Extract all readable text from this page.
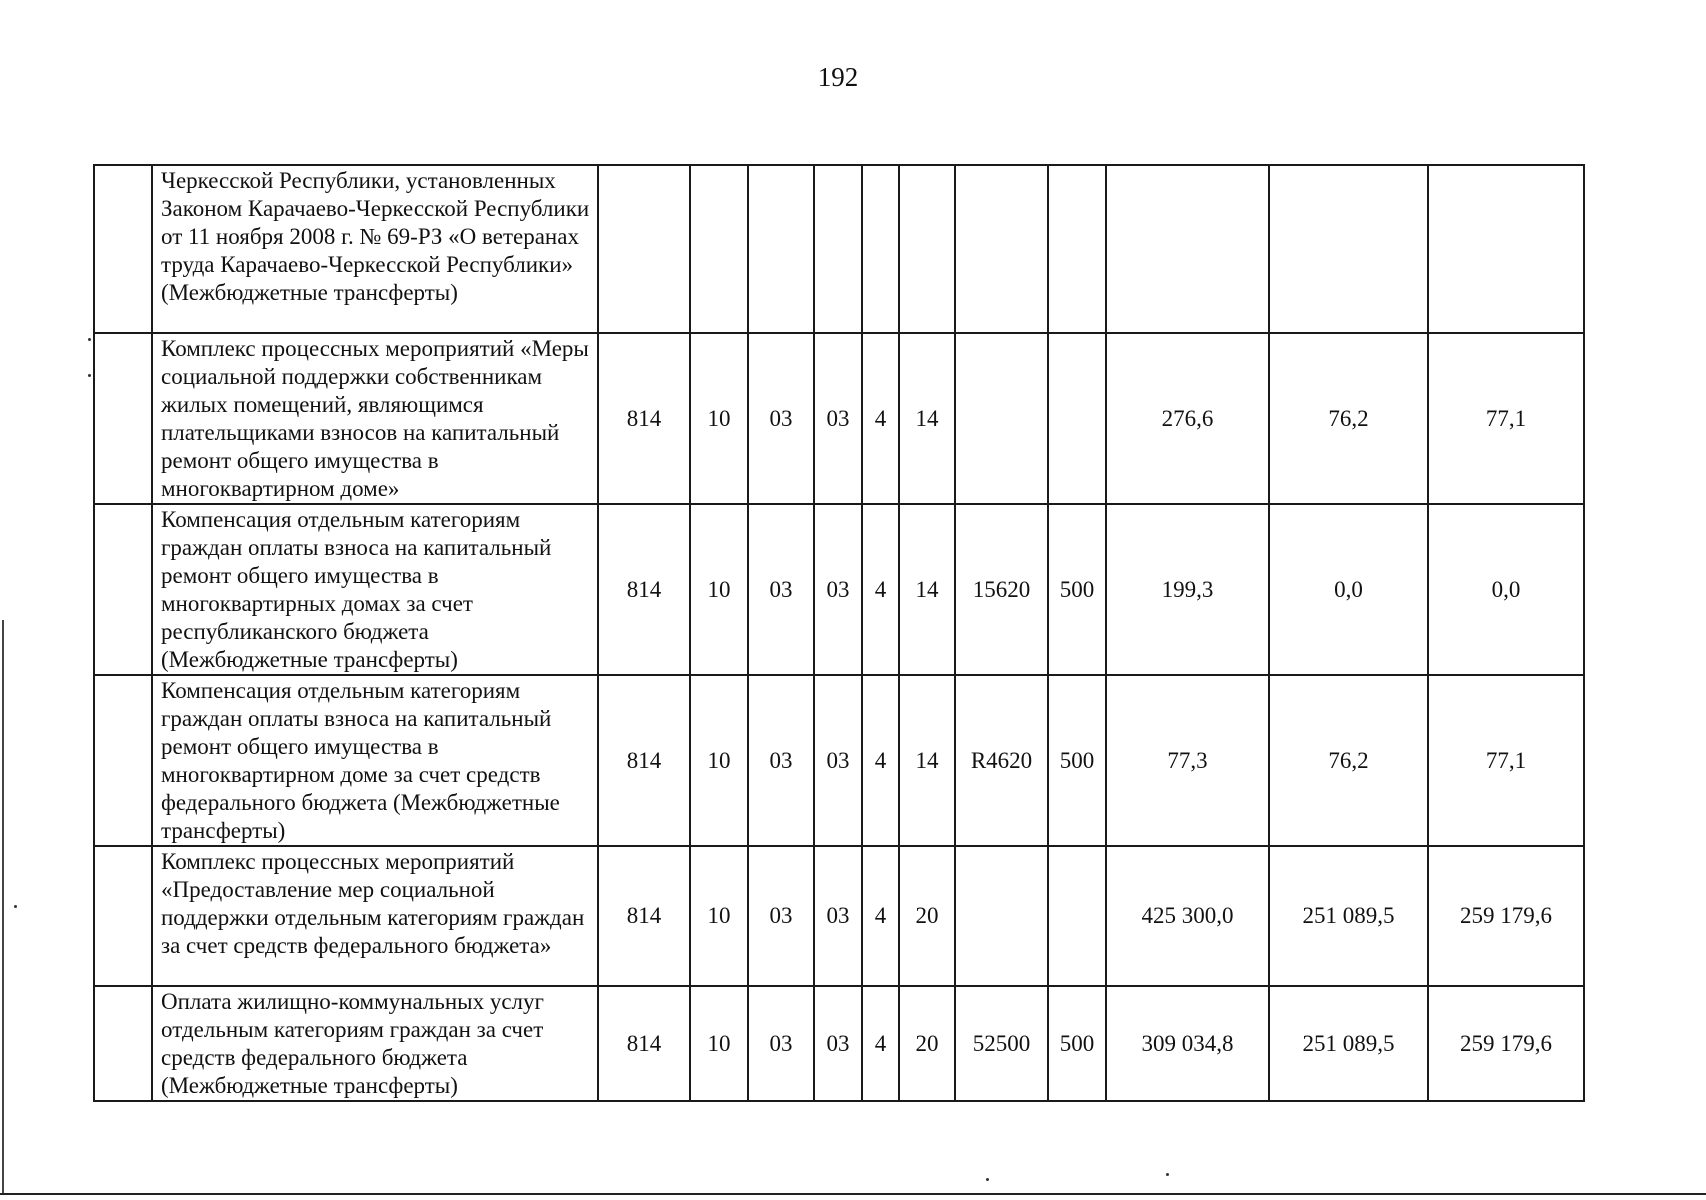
192
	Черкесской Республики, установленных Законом Карачаево-Черкесской Республики от 11 ноября 2008 г. № 69-РЗ «О ветеранах труда Карачаево-Черкесской Республики» (Межбюджетные трансферты)											
	Комплекс процессных мероприятий «Меры социальной поддержки собственникам жилых помещений, являющимся плательщиками взносов на капитальный ремонт общего имущества в многоквартирном доме»	814	10	03	03	4	14			276,6	76,2	77,1
	Компенсация отдельным категориям граждан оплаты взноса на капитальный ремонт общего имущества в многоквартирных домах за счет республиканского бюджета (Межбюджетные трансферты)	814	10	03	03	4	14	15620	500	199,3	0,0	0,0
	Компенсация отдельным категориям граждан оплаты взноса на капитальный ремонт общего имущества в многоквартирном доме за счет средств федерального бюджета (Межбюджетные трансферты)	814	10	03	03	4	14	R4620	500	77,3	76,2	77,1
	Комплекс процессных мероприятий «Предоставление мер социальной поддержки отдельным категориям граждан за счет средств федерального бюджета»	814	10	03	03	4	20			425 300,0	251 089,5	259 179,6
	Оплата жилищно-коммунальных услуг отдельным категориям граждан за счет средств федерального бюджета (Межбюджетные трансферты)	814	10	03	03	4	20	52500	500	309 034,8	251 089,5	259 179,6
